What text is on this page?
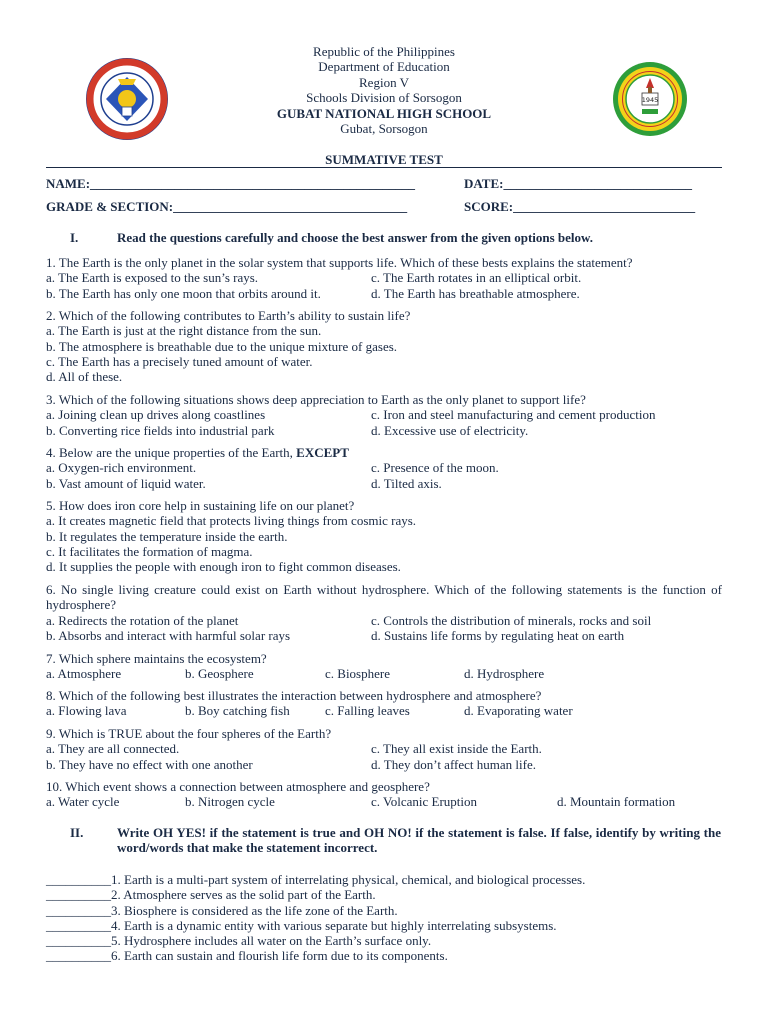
1945
Republic of the Philippines
Department of Education
Region V
Schools Division of Sorsogon
GUBAT NATIONAL HIGH SCHOOL
Gubat, Sorsogon
SUMMATIVE TEST
NAME:__________________________________________________	DATE:_____________________________
GRADE & SECTION:____________________________________	SCORE:____________________________
I.	Read the questions carefully and choose the best answer from the given options below.
1. The Earth is the only planet in the solar system that supports life. Which of these bests explains the statement?
a. The Earth is exposed to the sun’s rays.	c. The Earth rotates in an elliptical orbit.
b. The Earth has only one moon that orbits around it.	d. The Earth has breathable atmosphere.
2. Which of the following contributes to Earth’s ability to sustain life?
a. The Earth is just at the right distance from the sun.
b. The atmosphere is breathable due to the unique mixture of gases.
c. The Earth has a precisely tuned amount of water.
d. All of these.
3. Which of the following situations shows deep appreciation to Earth as the only planet to support life?
a. Joining clean up drives along coastlines	c. Iron and steel manufacturing and cement production
b. Converting rice fields into industrial park	d. Excessive use of electricity.
4. Below are the unique properties of the Earth, EXCEPT
a. Oxygen-rich environment.	c. Presence of the moon.
b. Vast amount of liquid water.	d. Tilted axis.
5. How does iron core help in sustaining life on our planet?
a. It creates magnetic field that protects living things from cosmic rays.
b. It regulates the temperature inside the earth.
c. It facilitates the formation of magma.
d. It supplies the people with enough iron to fight common diseases.
6. No single living creature could exist on Earth without hydrosphere. Which of the following statements is the function of hydrosphere?
a. Redirects the rotation of the planet	c. Controls the distribution of minerals, rocks and soil
b. Absorbs and interact with harmful solar rays	d. Sustains life forms by regulating heat on earth
7. Which sphere maintains the ecosystem?
a. Atmosphere	b. Geosphere	c. Biosphere	d. Hydrosphere
8. Which of the following best illustrates the interaction between hydrosphere and atmosphere?
a. Flowing lava	b. Boy catching fish	c. Falling leaves	d. Evaporating water
9. Which is TRUE about the four spheres of the Earth?
a. They are all connected.	c. They all exist inside the Earth.
b. They have no effect with one another	d. They don’t affect human life.
10. Which event shows a connection between atmosphere and geosphere?
a. Water cycle	b. Nitrogen cycle	c. Volcanic Eruption	d. Mountain formation
II.	Write OH YES! if the statement is true and OH NO! if the statement is false. If false, identify by writing the word/words that make the statement incorrect.
__________1. Earth is a multi-part system of interrelating physical, chemical, and biological processes.
__________2. Atmosphere serves as the solid part of the Earth.
__________3. Biosphere is considered as the life zone of the Earth.
__________4. Earth is a dynamic entity with various separate but highly interrelating subsystems.
__________5. Hydrosphere includes all water on the Earth’s surface only.
__________6. Earth can sustain and flourish life form due to its components.
